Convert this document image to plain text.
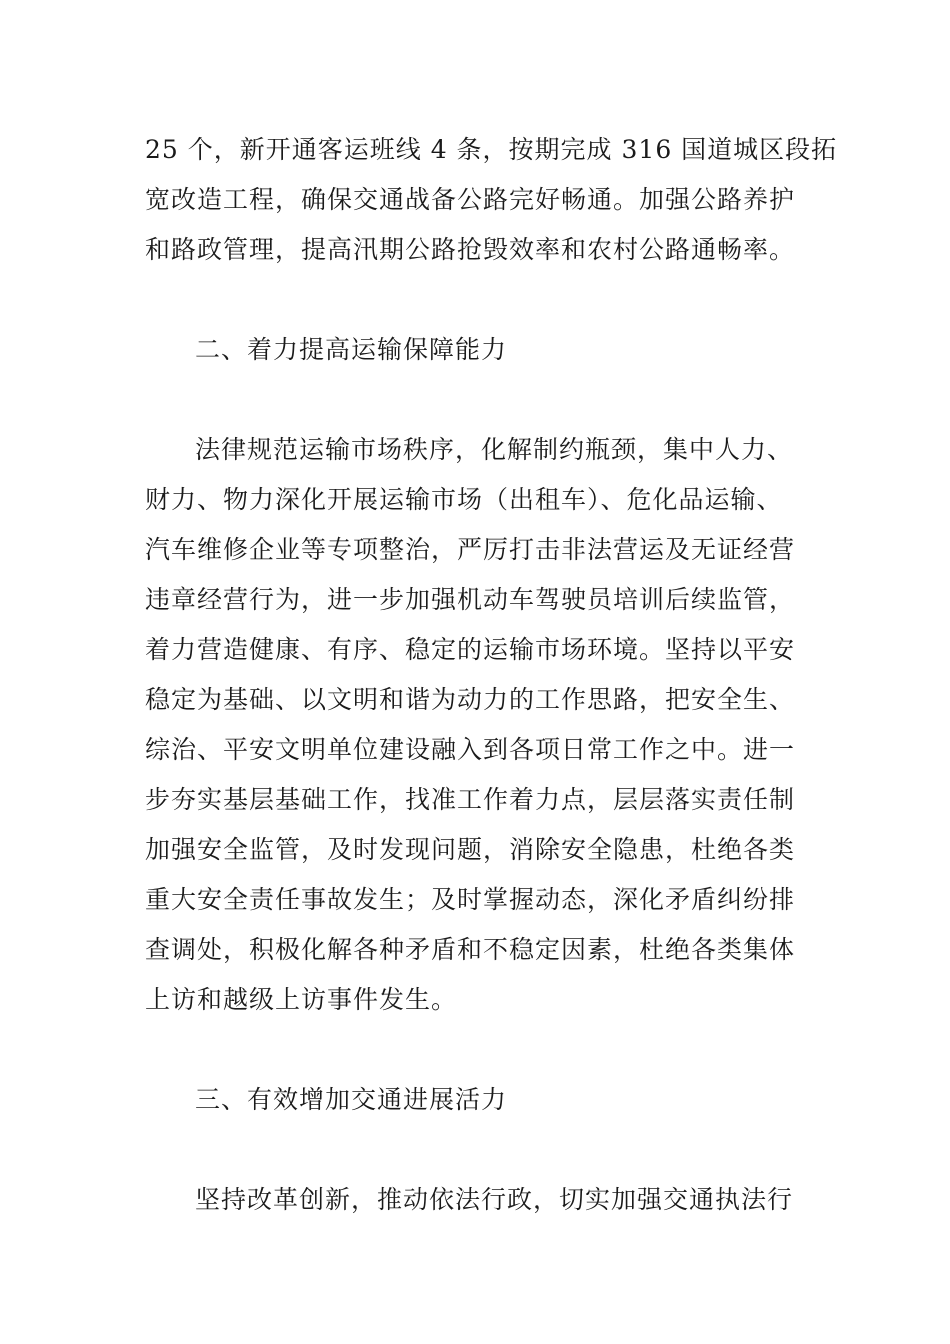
25 个，新开通客运班线 4 条，按期完成 316 国道城区段拓
宽改造工程，确保交通战备公路完好畅通。加强公路养护
和路政管理，提高汛期公路抢毁效率和农村公路通畅率。
二、着力提高运输保障能力
法律规范运输市场秩序，化解制约瓶颈，集中人力、
财力、物力深化开展运输市场（出租车）、危化品运输、
汽车维修企业等专项整治，严厉打击非法营运及无证经营
违章经营行为，进一步加强机动车驾驶员培训后续监管，
着力营造健康、有序、稳定的运输市场环境。坚持以平安
稳定为基础、以文明和谐为动力的工作思路，把安全生、
综治、平安文明单位建设融入到各项日常工作之中。进一
步夯实基层基础工作，找准工作着力点，层层落实责任制
加强安全监管，及时发现问题，消除安全隐患，杜绝各类
重大安全责任事故发生；及时掌握动态，深化矛盾纠纷排
查调处，积极化解各种矛盾和不稳定因素，杜绝各类集体
上访和越级上访事件发生。
三、有效增加交通进展活力
坚持改革创新，推动依法行政，切实加强交通执法行
